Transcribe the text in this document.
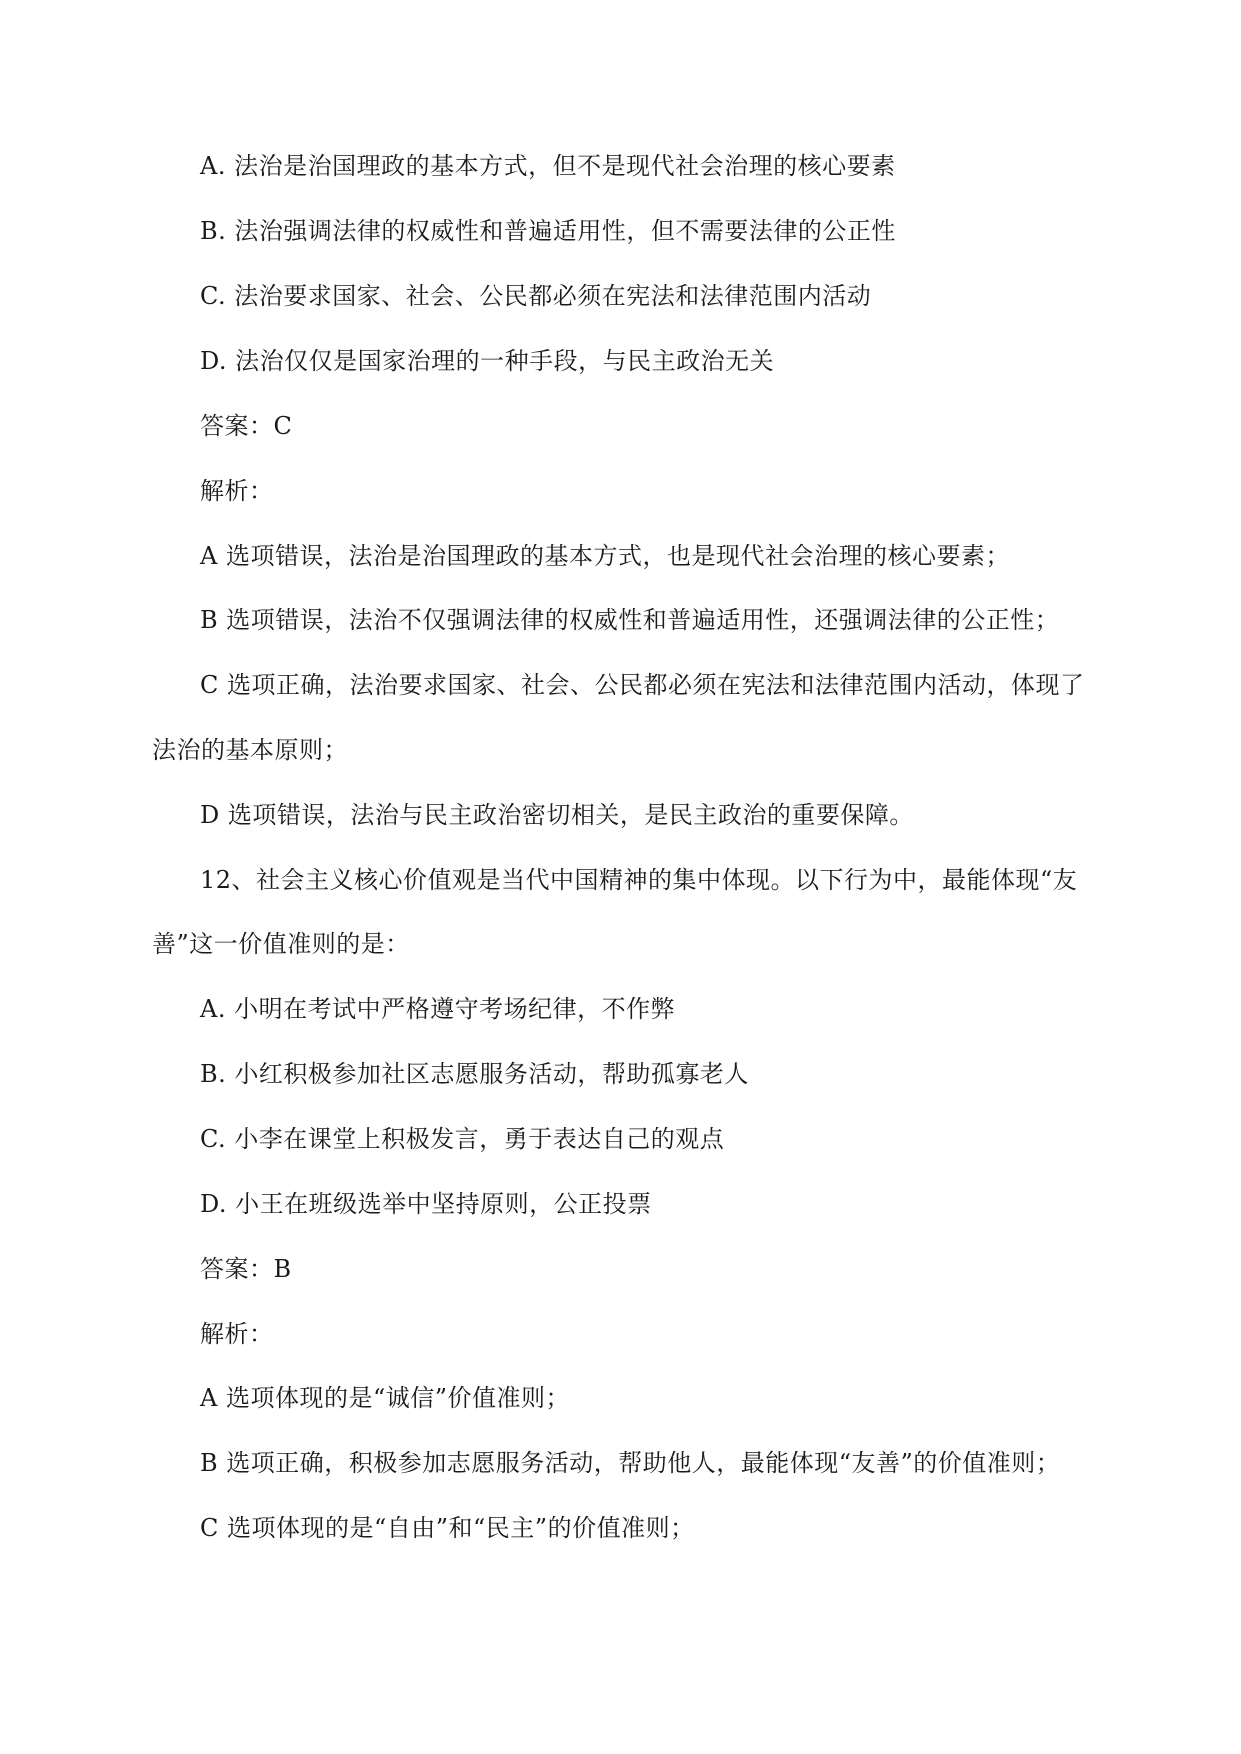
A. 法治是治国理政的基本方式，但不是现代社会治理的核心要素
B. 法治强调法律的权威性和普遍适用性，但不需要法律的公正性
C. 法治要求国家、社会、公民都必须在宪法和法律范围内活动
D. 法治仅仅是国家治理的一种手段，与民主政治无关
答案：C
解析：
A 选项错误，法治是治国理政的基本方式，也是现代社会治理的核心要素；
B 选项错误，法治不仅强调法律的权威性和普遍适用性，还强调法律的公正性；
C 选项正确，法治要求国家、社会、公民都必须在宪法和法律范围内活动，体现了
法治的基本原则；
D 选项错误，法治与民主政治密切相关，是民主政治的重要保障。
12、社会主义核心价值观是当代中国精神的集中体现。以下行为中，最能体现“友
善”这一价值准则的是：
A. 小明在考试中严格遵守考场纪律，不作弊
B. 小红积极参加社区志愿服务活动，帮助孤寡老人
C. 小李在课堂上积极发言，勇于表达自己的观点
D. 小王在班级选举中坚持原则，公正投票
答案：B
解析：
A 选项体现的是“诚信”价值准则；
B 选项正确，积极参加志愿服务活动，帮助他人，最能体现“友善”的价值准则；
C 选项体现的是“自由”和“民主”的价值准则；
